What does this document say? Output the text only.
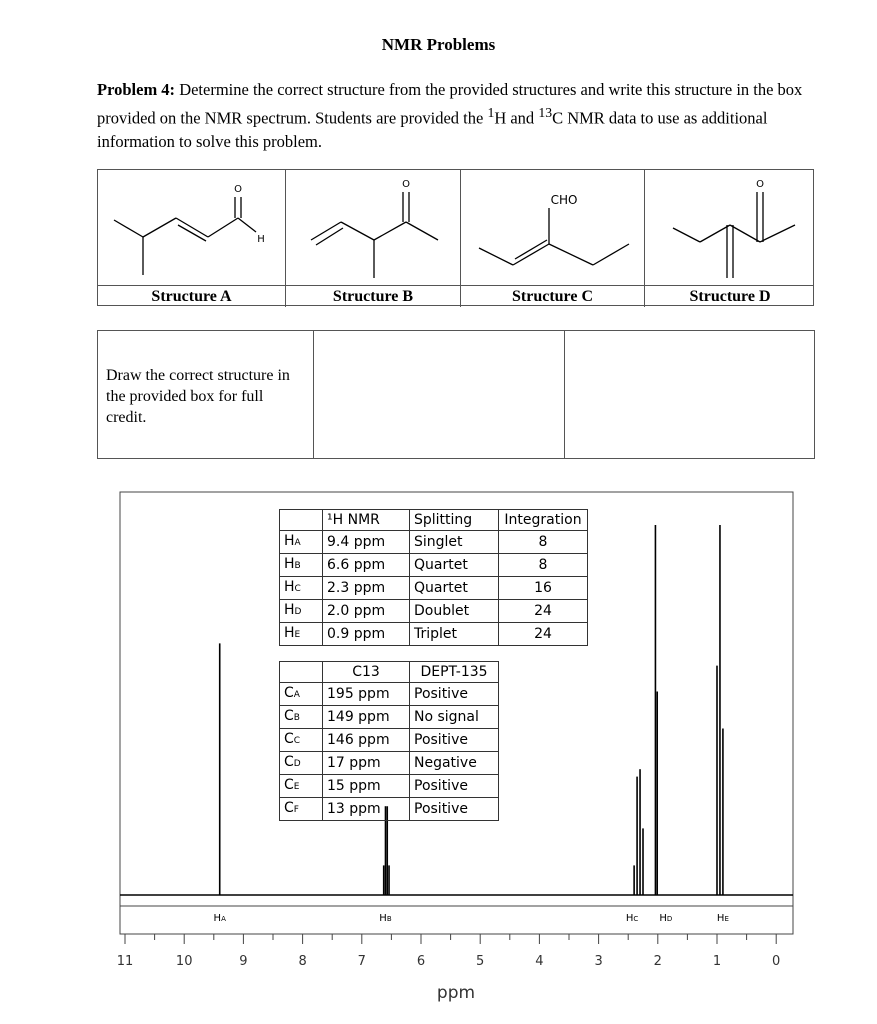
NMR Problems
Problem 4: Determine the correct structure from the provided structures and write this structure in the box provided on the NMR spectrum. Students are provided the $^1$H and $^{13}$C NMR data to use as additional information to solve this problem.
O
H
O
CHO
O
Structure A	Structure B	Structure C	Structure D
Draw the correct structure in the provided box for full credit.
HA	HB	HC HD	HE
11	10	9	8	7	6	5	4	3	2	1	0
ppm
	¹H NMR	Splitting	Integration
HA	9.4 ppm	Singlet	8
HB	6.6 ppm	Quartet	8
HC	2.3 ppm	Quartet	16
HD	2.0 ppm	Doublet	24
HE	0.9 ppm	Triplet	24
	C13	DEPT-135
CA	195 ppm	Positive
CB	149 ppm	No signal
CC	146 ppm	Positive
CD	17 ppm	Negative
CE	15 ppm	Positive
CF	13 ppm	Positive
